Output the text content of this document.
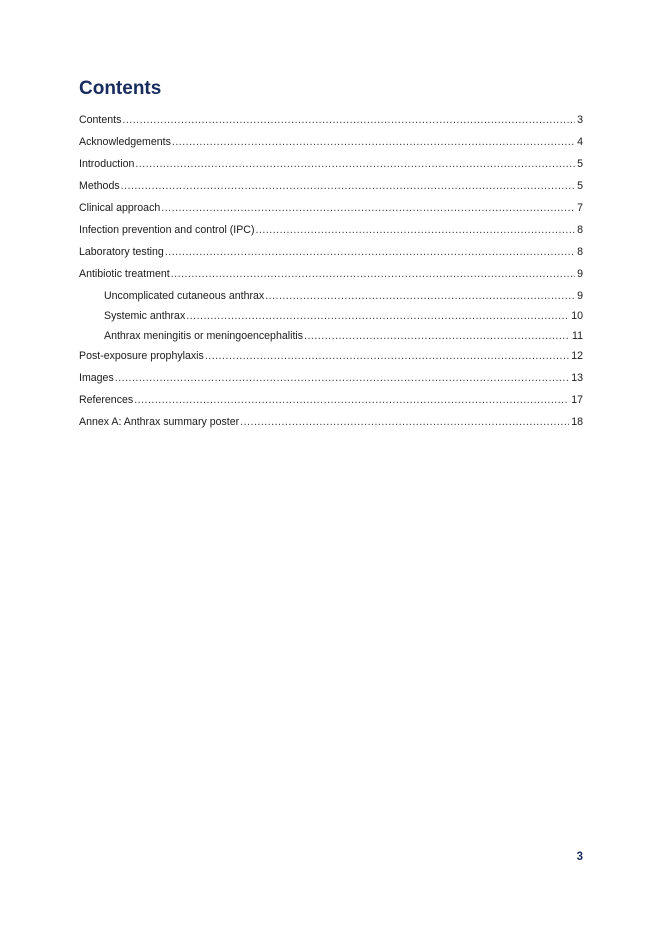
Contents
Contents .....	3
Acknowledgements .....	4
Introduction .....	5
Methods .....	5
Clinical approach .....	7
Infection prevention and control (IPC) .....	8
Laboratory testing .....	8
Antibiotic treatment .....	9
Uncomplicated cutaneous anthrax .....	9
Systemic anthrax .....	10
Anthrax meningitis or meningoencephalitis .....	11
Post-exposure prophylaxis .....	12
Images .....	13
References .....	17
Annex A: Anthrax summary poster .....	18
3
